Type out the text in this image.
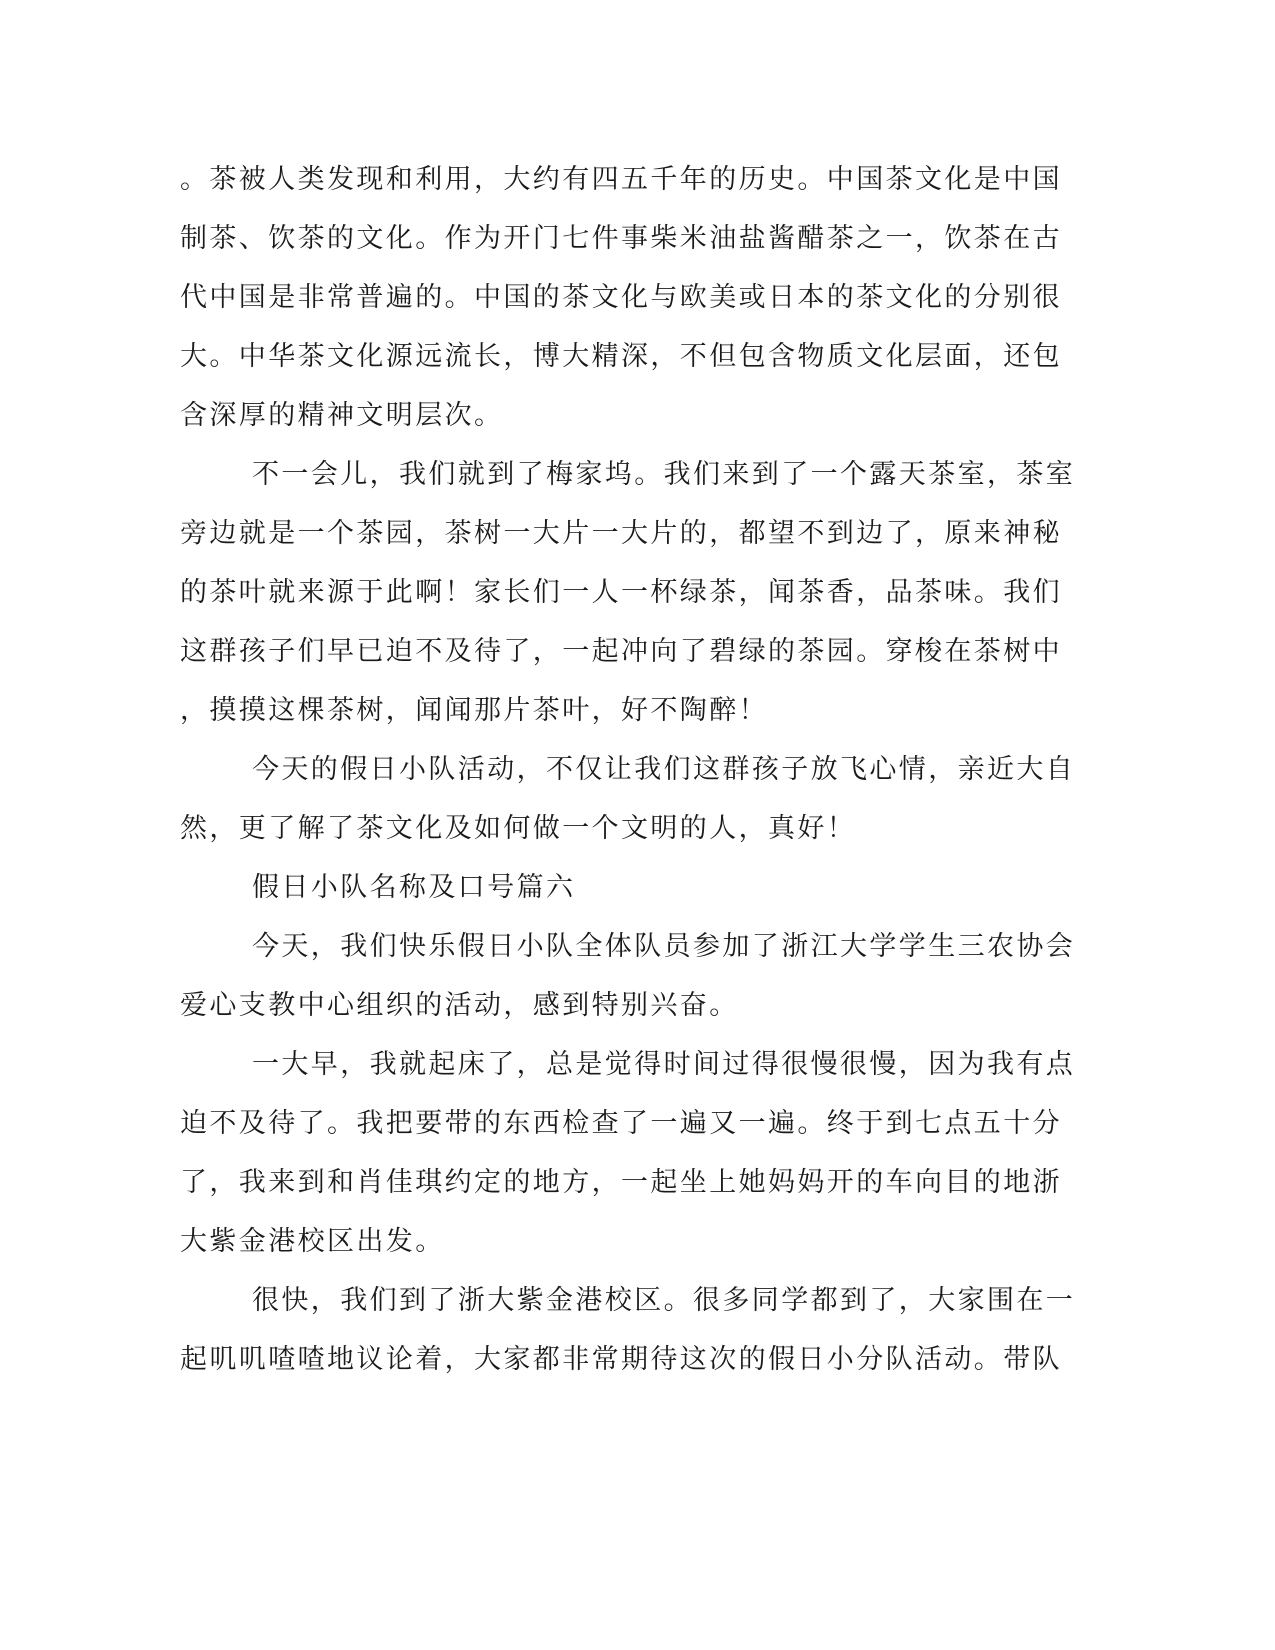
。茶被人类发现和利用，大约有四五千年的历史。中国茶文化是中国
制茶、饮茶的文化。作为开门七件事柴米油盐酱醋茶之一，饮茶在古
代中国是非常普遍的。中国的茶文化与欧美或日本的茶文化的分别很
大。中华茶文化源远流长，博大精深，不但包含物质文化层面，还包
含深厚的精神文明层次。
不一会儿，我们就到了梅家坞。我们来到了一个露天茶室，茶室
旁边就是一个茶园，茶树一大片一大片的，都望不到边了，原来神秘
的茶叶就来源于此啊！家长们一人一杯绿茶，闻茶香，品茶味。我们
这群孩子们早已迫不及待了，一起冲向了碧绿的茶园。穿梭在茶树中
，摸摸这棵茶树，闻闻那片茶叶，好不陶醉！
今天的假日小队活动，不仅让我们这群孩子放飞心情，亲近大自
然，更了解了茶文化及如何做一个文明的人，真好！
假日小队名称及口号篇六
今天，我们快乐假日小队全体队员参加了浙江大学学生三农协会
爱心支教中心组织的活动，感到特别兴奋。
一大早，我就起床了，总是觉得时间过得很慢很慢，因为我有点
迫不及待了。我把要带的东西检查了一遍又一遍。终于到七点五十分
了，我来到和肖佳琪约定的地方，一起坐上她妈妈开的车向目的地浙
大紫金港校区出发。
很快，我们到了浙大紫金港校区。很多同学都到了，大家围在一
起叽叽喳喳地议论着，大家都非常期待这次的假日小分队活动。带队
